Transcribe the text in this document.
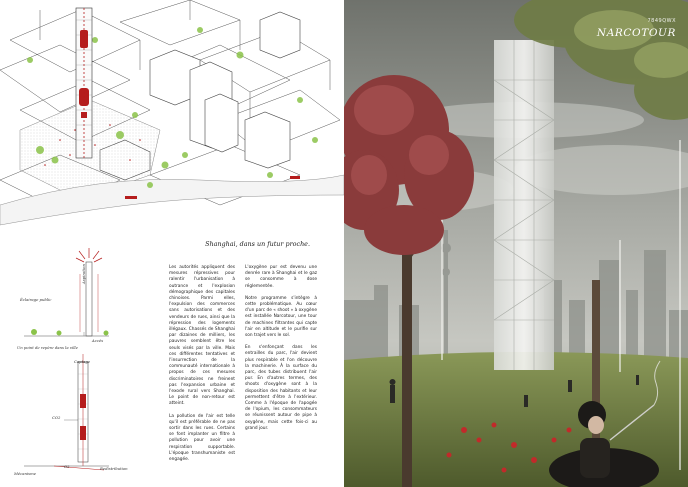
Shanghai, dans un futur proche.
Aspiration
Éclairage public
Accès
Un point de repère dans la ville
Captage
CO2
O2	Redistribution
Mécanisme

Les autorités appliquent des mesures répressives pour ralentir l'urbanisation à outrance et l'explosion démographique des capitales chinoises. Parmi elles, l'expulsion des commerces sans autorisations et des vendeurs de rues, ainsi que la répression des logements illégaux. Chassés de Shanghai par dizaines de milliers, les pauvres semblent être les seuls visés par la ville. Mais ces différentes tentatives et l'insurrection de la communauté internationale à propos de ces mesures discriminatoires ne freinent pas l'expansion urbaine et l'exode rural vers Shanghai. Le point de non-retour est atteint.

La pollution de l'air est telle qu'il est préférable de ne pas sortir dans les rues. Certains se font implanter un filtre à pollution pour avoir une respiration supportable. L'époque transhumaniste est engagée.

L'oxygène pur est devenu une denrée rare à Shanghai et le gaz se consomme à dose réglementée.

Notre programme s'intègre à cette problématique. Au cœur d'un parc de « shoot » à oxygène est installée Narcotour, une tour de machines filtrantes qui capte l'air en altitude et le purifie sur son trajet vers le sol.

En s'enfonçant dans les entrailles du parc, l'air devient plus respirable et l'on découvre la machinerie. À la surface du parc, des tubes distribuent l'air pur. En d'autres termes, des shoots d'oxygène sont à la disposition des habitants et leur permettent d'être à l'extérieur. Comme à l'époque de l'apogée de l'opium, les consommateurs se réunissent autour de pipe à oxygène, mais cette fois-ci au grand jour.

7849QWX
NARCOTOUR
